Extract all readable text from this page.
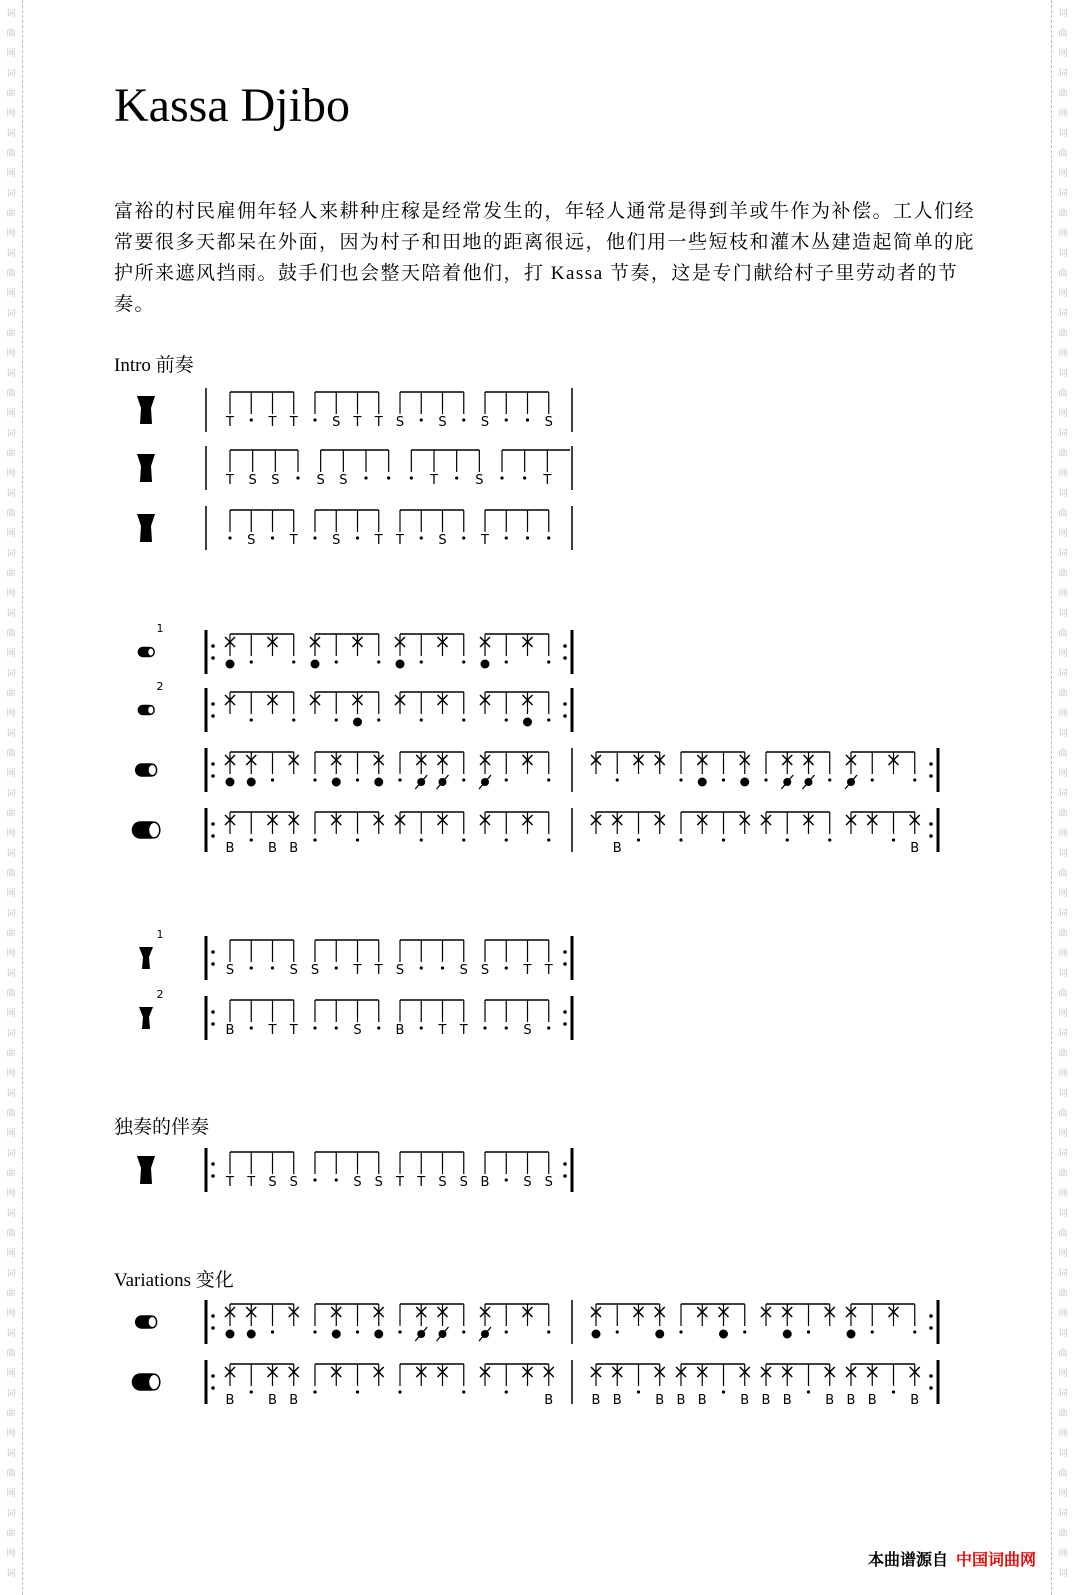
Kassa Djibo

富裕的村民雇佣年轻人来耕种庄稼是经常发生的，年轻人通常是得到羊或牛作为补偿。工人们经常要很多天都呆在外面，因为村子和田地的距离很远，他们用一些短枝和灌木丛建造起简单的庇护所来遮风挡雨。鼓手们也会整天陪着他们，打 Kassa 节奏，这是专门献给村子里劳动者的节奏。

Intro 前奏
独奏的伴奏
Variations 变化
T	T T	S T T S	S	S	S
T S S	S S	T	S	T
S	T	S	T T	S	T
1
2
B	B B	B	B
1
S	S S	T T S	S S	T T
2
B	T T	S	B	T T	S
T T S S	S S T T S S B	S S
B	B B	B	B B	B B B	B B B	B B B	B
本曲谱源自 中国词曲网
词	词
曲	曲
网	网
词	词
曲	曲
网	网
词	词
曲	曲
网	网
词	词
曲	曲
网	网
词	词
曲	曲
网	网
词	词
曲	曲
网	网
词	词
曲	曲
网	网
词	词
曲	曲
网	网
词	词
曲	曲
网	网
词	词
曲	曲
网	网
词	词
曲	曲
网	网
词	词
曲	曲
网	网
词	词
曲	曲
网	网
词	词
曲	曲
网	网
词	词
曲	曲
网	网
词	词
曲	曲
网	网
词	词
曲	曲
网	网
词	词
曲	曲
网	网
词	词
曲	曲
网	网
词	词
曲	曲
网	网
词	词
曲	曲
网	网
词	词
曲	曲
网	网
词	词
曲	曲
网	网
词	词
曲	曲
网	网
词	词
曲	曲
网	网
词	词
曲	曲
网	网
词	词
